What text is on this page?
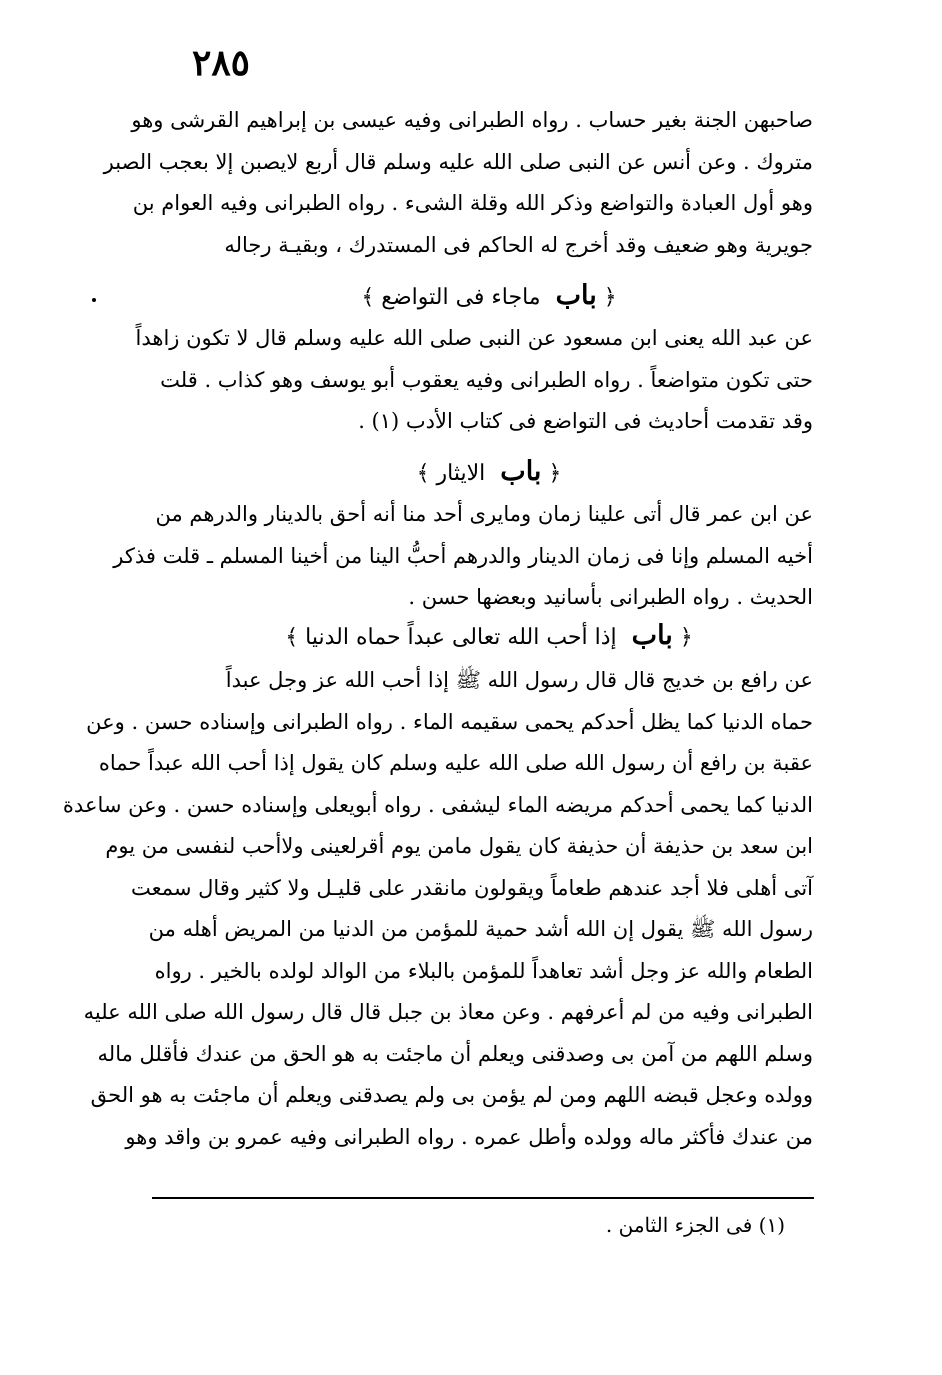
٢٨٥
صاحبهن الجنة بغير حساب . رواه الطبرانى وفيه عيسى بن إبراهيم القرشى وهو
متروك . وعن أنس عن النبى صلى الله عليه وسلم قال أربع لايصبن إلا بعجب الصبر
وهو أول العبادة والتواضع وذكر الله وقلة الشىء . رواه الطبرانى وفيه العوام بن
جويرية وهو ضعيف وقد أخرج له الحاكم فى المستدرك ، وبقيـة رجاله
﴿ باب ماجاء فى التواضع ﴾
عن عبد الله يعنى ابن مسعود عن النبى صلى الله عليه وسلم قال لا تكون زاهداً
حتى تكون متواضعاً . رواه الطبرانى وفيه يعقوب أبو يوسف وهو كذاب . قلت
وقد تقدمت أحاديث فى التواضع فى كتاب الأدب (١) .
﴿ باب الايثار ﴾
عن ابن عمر قال أتى علينا زمان ومايرى أحد منا أنه أحق بالدينار والدرهم من
أخيه المسلم وإنا فى زمان الدينار والدرهم أحبُّ الينا من أخينا المسلم ـ قلت فذكر
الحديث . رواه الطبرانى بأسانيد وبعضها حسن .
﴿ باب إذا أحب الله تعالى عبداً حماه الدنيا ﴾
عن رافع بن خديج قال قال رسول الله ﷺ إذا أحب الله عز وجل عبداً
حماه الدنيا كما يظل أحدكم يحمى سقيمه الماء . رواه الطبرانى وإسناده حسن . وعن
عقبة بن رافع أن رسول الله صلى الله عليه وسلم كان يقول إذا أحب الله عبداً حماه
الدنيا كما يحمى أحدكم مريضه الماء ليشفى . رواه أبويعلى وإسناده حسن . وعن ساعدة
ابن سعد بن حذيفة أن حذيفة كان يقول مامن يوم أقرلعينى ولاأحب لنفسى من يوم
آتى أهلى فلا أجد عندهم طعاماً ويقولون مانقدر على قليـل ولا كثير وقال سمعت
رسول الله ﷺ يقول إن الله أشد حمية للمؤمن من الدنيا من المريض أهله من
الطعام والله عز وجل أشد تعاهداً للمؤمن بالبلاء من الوالد لولده بالخير . رواه
الطبرانى وفيه من لم أعرفهم . وعن معاذ بن جبل قال قال رسول الله صلى الله عليه
وسلم اللهم من آمن بى وصدقنى ويعلم أن ماجئت به هو الحق من عندك فأقلل ماله
وولده وعجل قبضه اللهم ومن لم يؤمن بى ولم يصدقنى ويعلم أن ماجئت به هو الحق
من عندك فأكثر ماله وولده وأطل عمره . رواه الطبرانى وفيه عمرو بن واقد وهو
(١) فى الجزء الثامن .
